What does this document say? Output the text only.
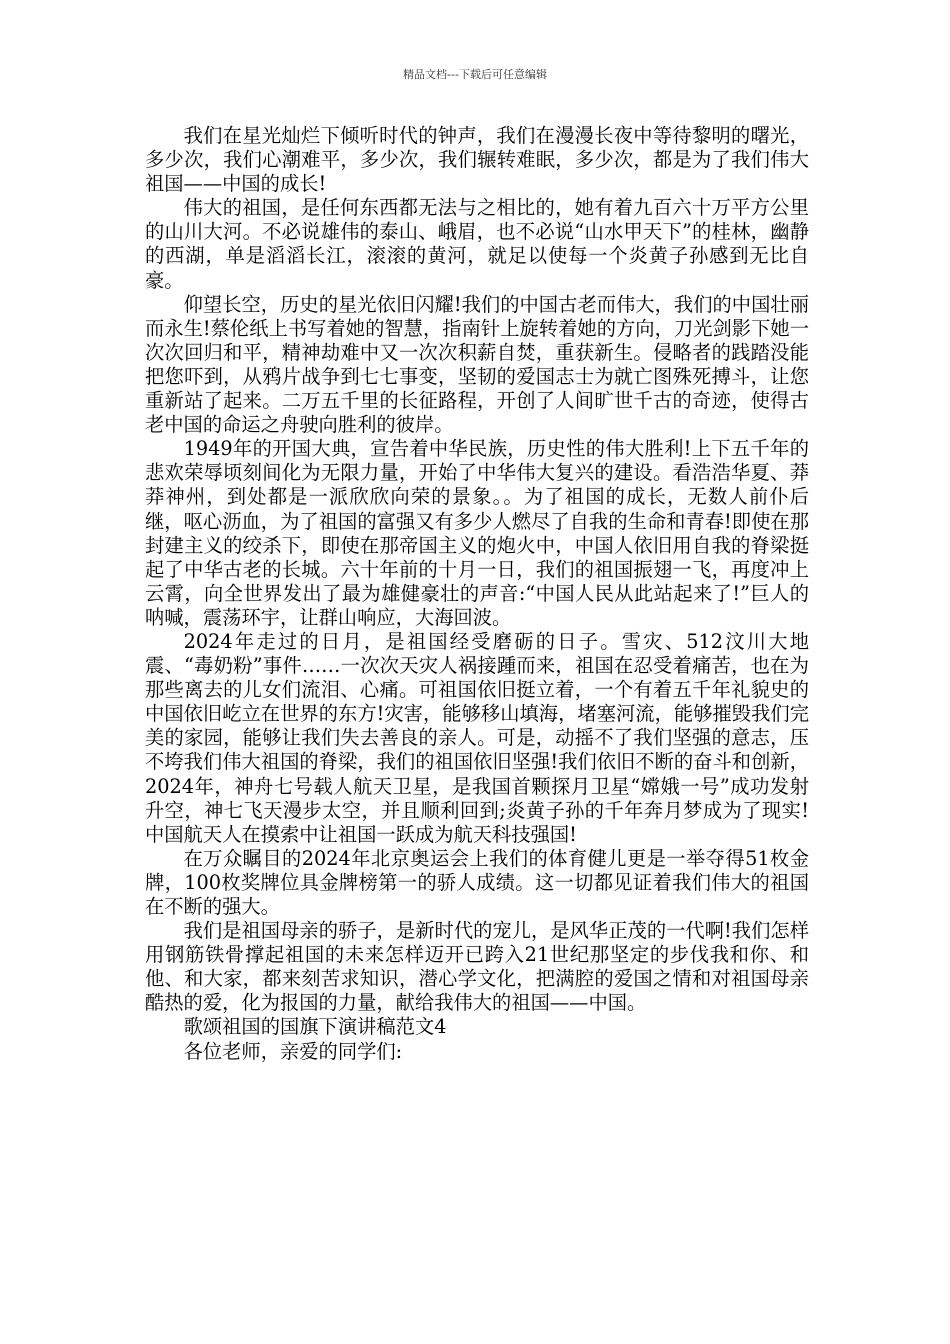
精品文档---下载后可任意编辑

我们在星光灿烂下倾听时代的钟声，我们在漫漫长夜中等待黎明的曙光，多少次，我们心潮难平，多少次，我们辗转难眠，多少次，都是为了我们伟大祖国——中国的成长!

伟大的祖国，是任何东西都无法与之相比的，她有着九百六十万平方公里的山川大河。不必说雄伟的泰山、峨眉，也不必说“山水甲天下”的桂林，幽静的西湖，单是滔滔长江，滚滚的黄河，就足以使每一个炎黄子孙感到无比自豪。

仰望长空，历史的星光依旧闪耀!我们的中国古老而伟大，我们的中国壮丽而永生!蔡伦纸上书写着她的智慧，指南针上旋转着她的方向，刀光剑影下她一次次回归和平，精神劫难中又一次次积薪自焚，重获新生。侵略者的践踏没能把您吓到，从鸦片战争到七七事变，坚韧的爱国志士为就亡图殊死搏斗，让您重新站了起来。二万五千里的长征路程，开创了人间旷世千古的奇迹，使得古老中国的命运之舟驶向胜利的彼岸。

1949年的开国大典，宣告着中华民族，历史性的伟大胜利!上下五千年的悲欢荣辱顷刻间化为无限力量，开始了中华伟大复兴的建设。看浩浩华夏、莽莽神州，到处都是一派欣欣向荣的景象。。为了祖国的成长，无数人前仆后继，呕心沥血，为了祖国的富强又有多少人燃尽了自我的生命和青春!即使在那封建主义的绞杀下，即使在那帝国主义的炮火中，中国人依旧用自我的脊梁挺起了中华古老的长城。六十年前的十月一日，我们的祖国振翅一飞，再度冲上云霄，向全世界发出了最为雄健豪壮的声音:“中国人民从此站起来了!”巨人的呐喊，震荡环宇，让群山响应，大海回波。

2024年走过的日月，是祖国经受磨砺的日子。雪灾、512汶川大地震、“毒奶粉”事件……一次次天灾人祸接踵而来，祖国在忍受着痛苦，也在为那些离去的儿女们流泪、心痛。可祖国依旧挺立着，一个有着五千年礼貌史的中国依旧屹立在世界的东方!灾害，能够移山填海，堵塞河流，能够摧毁我们完美的家园，能够让我们失去善良的亲人。可是，动摇不了我们坚强的意志，压不垮我们伟大祖国的脊梁，我们的祖国依旧坚强!我们依旧不断的奋斗和创新，2024年，神舟七号载人航天卫星，是我国首颗探月卫星“嫦娥一号”成功发射升空，神七飞天漫步太空，并且顺利回到;炎黄子孙的千年奔月梦成为了现实!中国航天人在摸索中让祖国一跃成为航天科技强国!

在万众瞩目的2024年北京奥运会上我们的体育健儿更是一举夺得51枚金牌，100枚奖牌位具金牌榜第一的骄人成绩。这一切都见证着我们伟大的祖国在不断的强大。

我们是祖国母亲的骄子，是新时代的宠儿，是风华正茂的一代啊!我们怎样用钢筋铁骨撑起祖国的未来怎样迈开已跨入21世纪那坚定的步伐我和你、和他、和大家，都来刻苦求知识，潜心学文化，把满腔的爱国之情和对祖国母亲酷热的爱，化为报国的力量，献给我伟大的祖国——中国。

歌颂祖国的国旗下演讲稿范文4

各位老师，亲爱的同学们:
